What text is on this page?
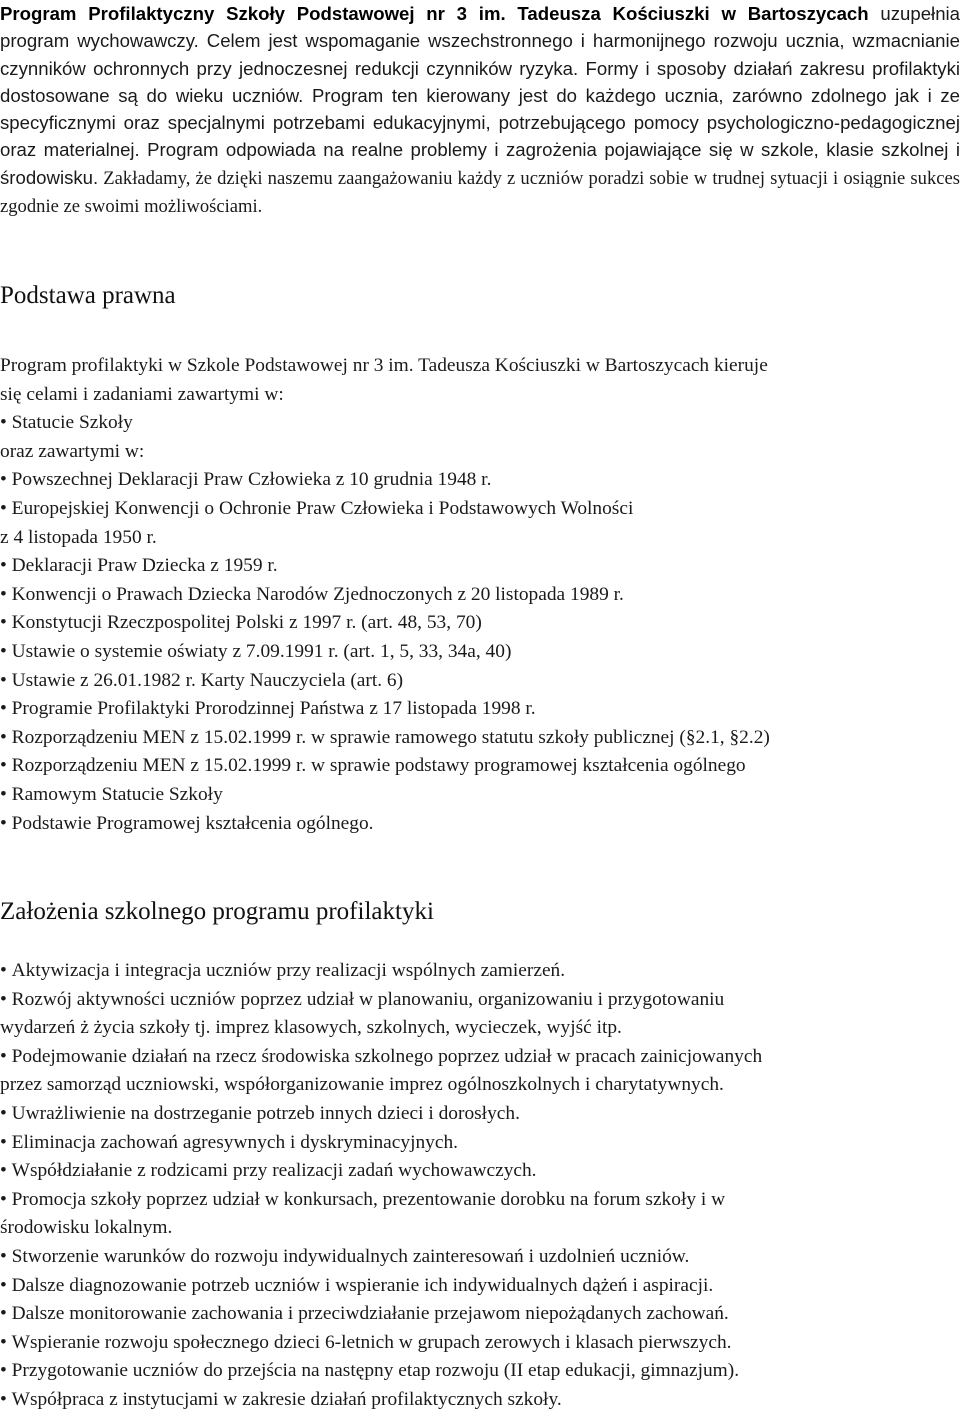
Program Profilaktyczny Szkoły Podstawowej nr 3 im. Tadeusza Kościuszki w Bartoszycach uzupełnia program wychowawczy. Celem jest wspomaganie wszechstronnego i harmonijnego rozwoju ucznia, wzmacnianie czynników ochronnych przy jednoczesnej redukcji czynników ryzyka. Formy i sposoby działań zakresu profilaktyki dostosowane są do wieku uczniów. Program ten kierowany jest do każdego ucznia, zarówno zdolnego jak i ze specyficznymi oraz specjalnymi potrzebami edukacyjnymi, potrzebującego pomocy psychologiczno-pedagogicznej oraz materialnej. Program odpowiada na realne problemy i zagrożenia pojawiające się w szkole, klasie szkolnej i środowisku. Zakładamy, że dzięki naszemu zaangażowaniu każdy z uczniów poradzi sobie w trudnej sytuacji i osiągnie sukces zgodnie ze swoimi możliwościami.

Podstawa prawna

Program profilaktyki w Szkole Podstawowej nr 3 im. Tadeusza Kościuszki w Bartoszycach kieruje

się celami i zadaniami zawartymi w:

• Statucie Szkoły

oraz zawartymi w:

• Powszechnej Deklaracji Praw Człowieka z 10 grudnia 1948 r.

• Europejskiej Konwencji o Ochronie Praw Człowieka i Podstawowych Wolności

z 4 listopada 1950 r.

• Deklaracji Praw Dziecka z 1959 r.

• Konwencji o Prawach Dziecka Narodów Zjednoczonych z 20 listopada 1989 r.

• Konstytucji Rzeczpospolitej Polski z 1997 r. (art. 48, 53, 70)

• Ustawie o systemie oświaty z 7.09.1991 r. (art. 1, 5, 33, 34a, 40)

• Ustawie z 26.01.1982 r. Karty Nauczyciela (art. 6)

• Programie Profilaktyki Prorodzinnej Państwa z 17 listopada 1998 r.

• Rozporządzeniu MEN z 15.02.1999 r. w sprawie ramowego statutu szkoły publicznej (§2.1, §2.2)

• Rozporządzeniu MEN z 15.02.1999 r. w sprawie podstawy programowej kształcenia ogólnego

• Ramowym Statucie Szkoły

• Podstawie Programowej kształcenia ogólnego.

Założenia szkolnego programu profilaktyki

• Aktywizacja i integracja uczniów przy realizacji wspólnych zamierzeń.

• Rozwój aktywności uczniów poprzez udział w planowaniu, organizowaniu i przygotowaniu

wydarzeń ż życia szkoły tj. imprez klasowych, szkolnych, wycieczek, wyjść itp.

• Podejmowanie działań na rzecz środowiska szkolnego poprzez udział w pracach zainicjowanych

przez samorząd uczniowski, współorganizowanie imprez ogólnoszkolnych i charytatywnych.

• Uwrażliwienie na dostrzeganie potrzeb innych dzieci i dorosłych.

• Eliminacja zachowań agresywnych i dyskryminacyjnych.

• Współdziałanie z rodzicami przy realizacji zadań wychowawczych.

• Promocja szkoły poprzez udział w konkursach, prezentowanie dorobku na forum szkoły i w

środowisku lokalnym.

• Stworzenie warunków do rozwoju indywidualnych zainteresowań i uzdolnień uczniów.

• Dalsze diagnozowanie potrzeb uczniów i wspieranie ich indywidualnych dążeń i aspiracji.

• Dalsze monitorowanie zachowania i przeciwdziałanie przejawom niepożądanych zachowań.

• Wspieranie rozwoju społecznego dzieci 6-letnich w grupach zerowych i klasach pierwszych.

• Przygotowanie uczniów do przejścia na następny etap rozwoju (II etap edukacji, gimnazjum).

• Współpraca z instytucjami w zakresie działań profilaktycznych szkoły.
